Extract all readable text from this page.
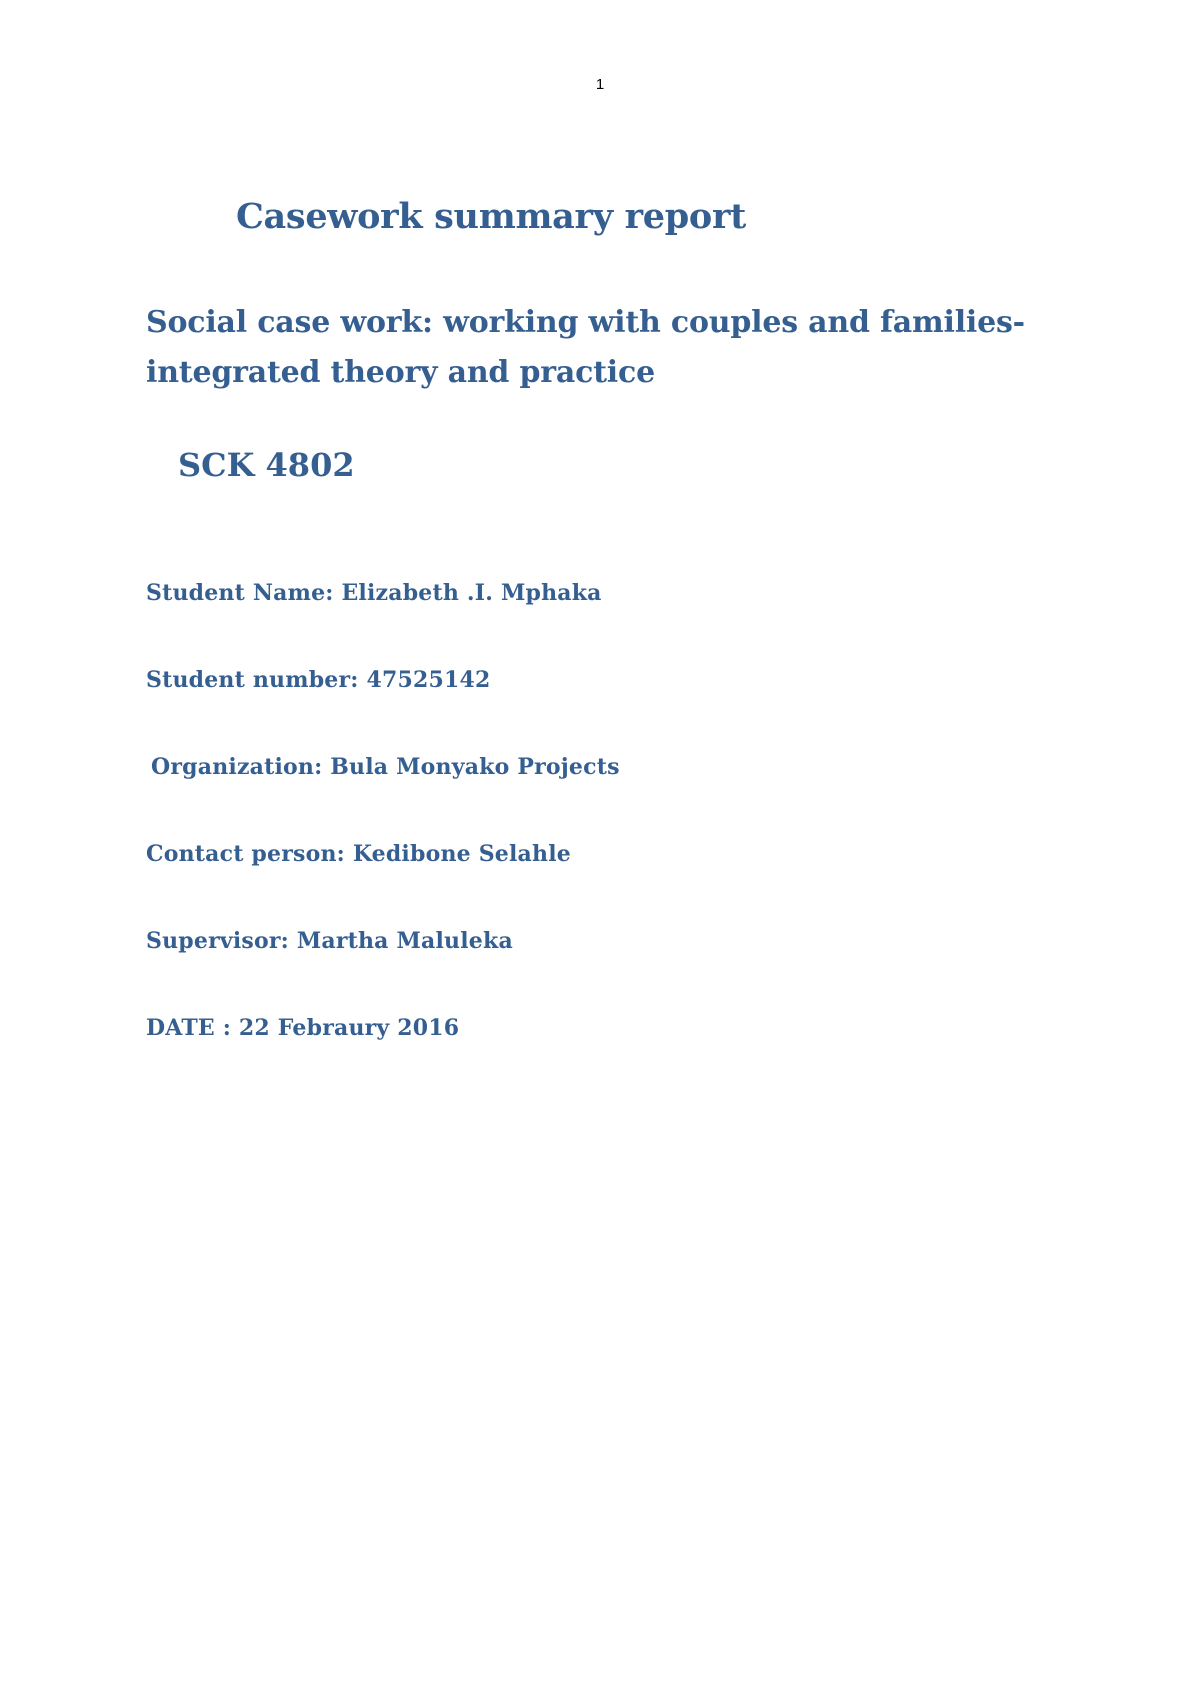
1
Casework summary report
Social case work: working with couples and families-
integrated theory and practice
SCK 4802

Student Name: Elizabeth .I. Mphaka

Student number: 47525142

Organization: Bula Monyako Projects

Contact person: Kedibone Selahle

Supervisor: Martha Maluleka

DATE : 22 Febraury 2016
